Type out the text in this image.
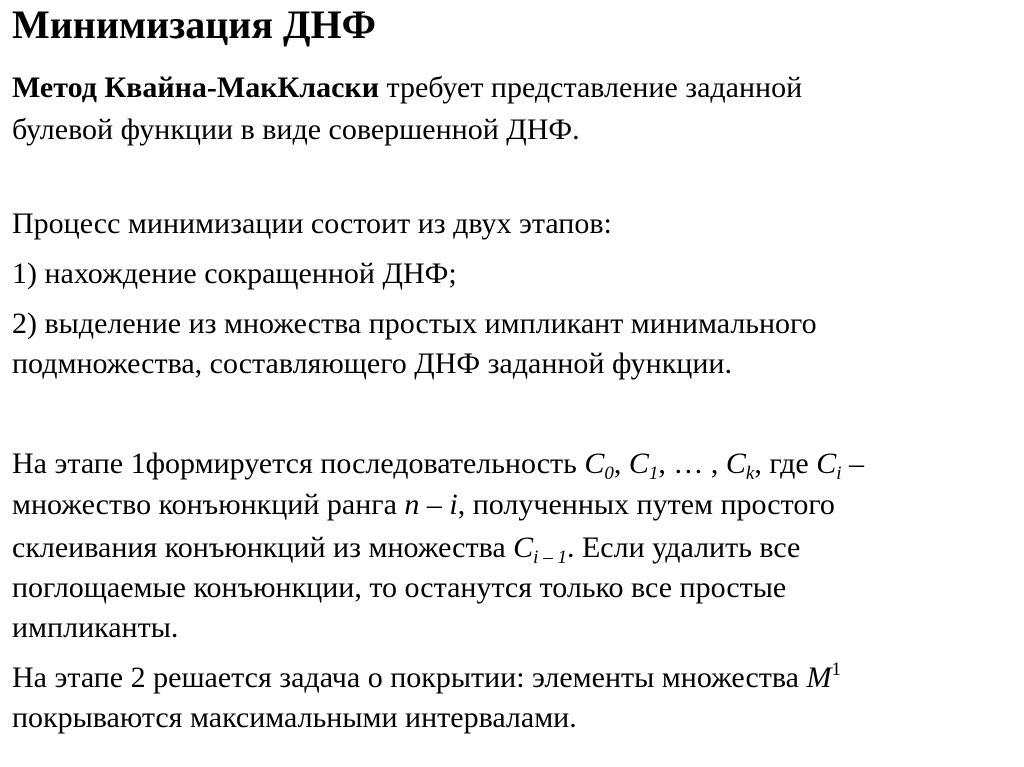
Минимизация ДНФ
Метод Квайна-МакКласки требует представление заданной
булевой функции в виде совершенной ДНФ.
Процесс минимизации состоит из двух этапов:
1) нахождение сокращенной ДНФ;
2) выделение из множества простых импликант минимального
подмножества, составляющего ДНФ заданной функции.
На этапе 1формируется последовательность $C_0$, $C_1$, … , $C_k$, где $C_i$ –
множество конъюнкций ранга n – i, полученных путем простого
склеивания конъюнкций из множества $C_{i - 1}$. Если удалить все
поглощаемые конъюнкции, то останутся только все простые
импликанты.
На этапе 2 решается задача о покрытии: элементы множества $M^1$
покрываются максимальными интервалами.
